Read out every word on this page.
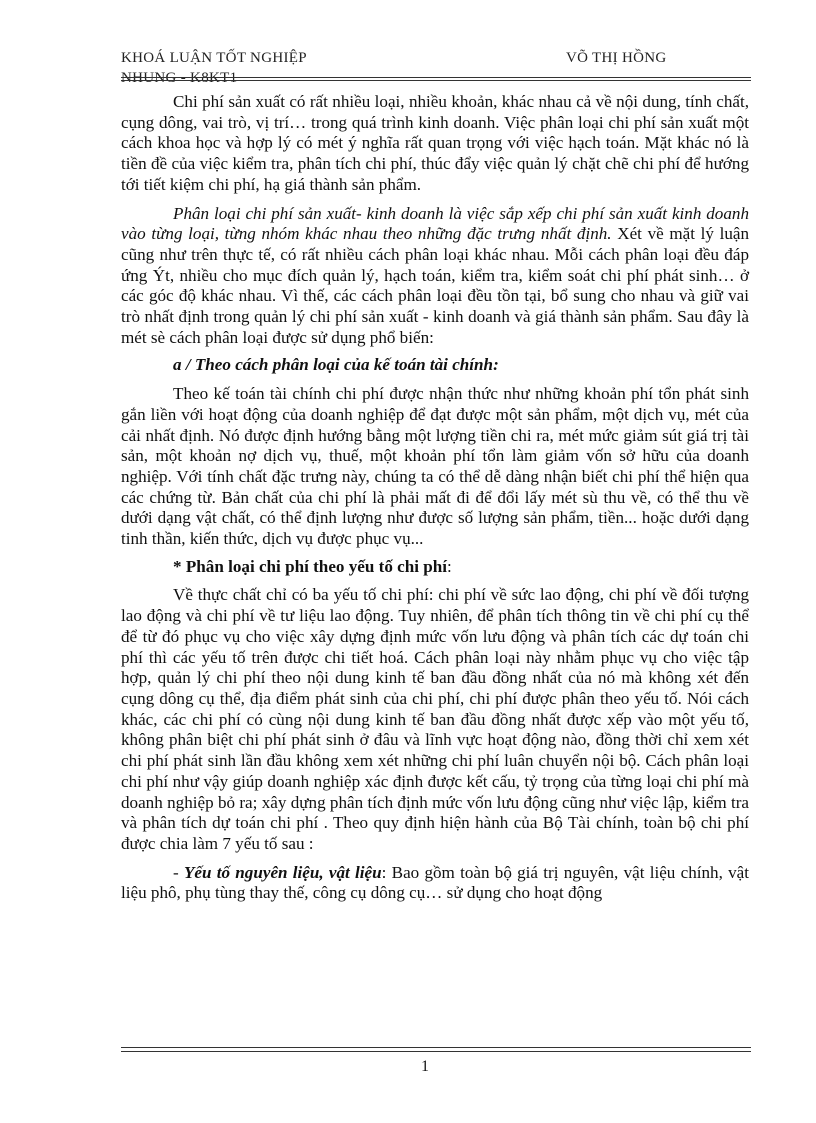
KHOÁ LUẬN TỐT NGHIỆP	VÕ THỊ HỒNG
NHUNG - K8KT1

Chi phí sản xuất có rất nhiều loại, nhiều khoản, khác nhau cả về nội dung, tính chất, cụng dông, vai trò, vị trí… trong quá trình kinh doanh. Việc phân loại chi phí sản xuất một cách khoa học và hợp lý có mét ý nghĩa rất quan trọng với việc hạch toán. Mặt khác nó là tiền đề của việc kiểm tra, phân tích chi phí, thúc đẩy việc quản lý chặt chẽ chi phí để hướng tới tiết kiệm chi phí, hạ giá thành sản phẩm.

Phân loại chi phí sản xuất- kinh doanh là việc sắp xếp chi phí sản xuất kinh doanh vào từng loại, từng nhóm khác nhau theo những đặc trưng nhất định. Xét về mặt lý luận cũng như trên thực tế, có rất nhiều cách phân loại khác nhau. Mỗi cách phân loại đều đáp ứng Ýt, nhiều cho mục đích quản lý, hạch toán, kiểm tra, kiểm soát chi phí phát sinh… ở các góc độ khác nhau. Vì thế, các cách phân loại đều tồn tại, bổ sung cho nhau và giữ vai trò nhất định trong quản lý chi phí sản xuất - kinh doanh và giá thành sản phẩm. Sau đây là mét sè cách phân loại được sử dụng phổ biến:

a / Theo cách phân loại của kế toán tài chính:

Theo kế toán tài chính chi phí được nhận thức như những khoản phí tổn phát sinh gắn liền với hoạt động của doanh nghiệp để đạt được một sản phẩm, một dịch vụ, mét của cải nhất định. Nó được định hướng bằng một lượng tiền chi ra, mét mức giảm sút giá trị tài sản, một khoản nợ dịch vụ, thuế, một khoản phí tổn làm giảm vốn sở hữu của doanh nghiệp. Với tính chất đặc trưng này, chúng ta có thể dễ dàng nhận biết chi phí thể hiện qua các chứng từ. Bản chất của chi phí là phải mất đi để đổi lấy mét sù thu về, có thể thu về dưới dạng vật chất, có thể định lượng như được số lượng sản phẩm, tiền... hoặc dưới dạng tinh thần, kiến thức, dịch vụ được phục vụ...

* Phân loại chi phí theo yếu tố chi phí:

Về thực chất chỉ có ba yếu tố chi phí: chi phí về sức lao động, chi phí về đối tượng lao động và chi phí về tư liệu lao động. Tuy nhiên, để phân tích thông tin về chi phí cụ thể để từ đó phục vụ cho việc xây dựng định mức vốn lưu động và phân tích các dự toán chi phí thì các yếu tố trên được chi tiết hoá. Cách phân loại này nhằm phục vụ cho việc tập hợp, quản lý chi phí theo nội dung kinh tế ban đầu đồng nhất của nó mà không xét đến cụng dông cụ thể, địa điểm phát sinh của chi phí, chi phí được phân theo yếu tố. Nói cách khác, các chi phí có cùng nội dung kinh tế ban đầu đồng nhất được xếp vào một yếu tố, không phân biệt chi phí phát sinh ở đâu và lĩnh vực hoạt động nào, đồng thời chỉ xem xét chi phí phát sinh lần đầu không xem xét những chi phí luân chuyển nội bộ. Cách phân loại chi phí như vậy giúp doanh nghiệp xác định được kết cấu, tỷ trọng của từng loại chi phí mà doanh nghiệp bỏ ra; xây dựng phân tích định mức vốn lưu động cũng như việc lập, kiểm tra và phân tích dự toán chi phí . Theo quy định hiện hành của Bộ Tài chính, toàn bộ chi phí được chia làm 7 yếu tố sau :

- Yếu tố nguyên liệu, vật liệu: Bao gồm toàn bộ giá trị nguyên, vật liệu chính, vật liệu phô, phụ tùng thay thế, công cụ dông cụ… sử dụng cho hoạt động

1
